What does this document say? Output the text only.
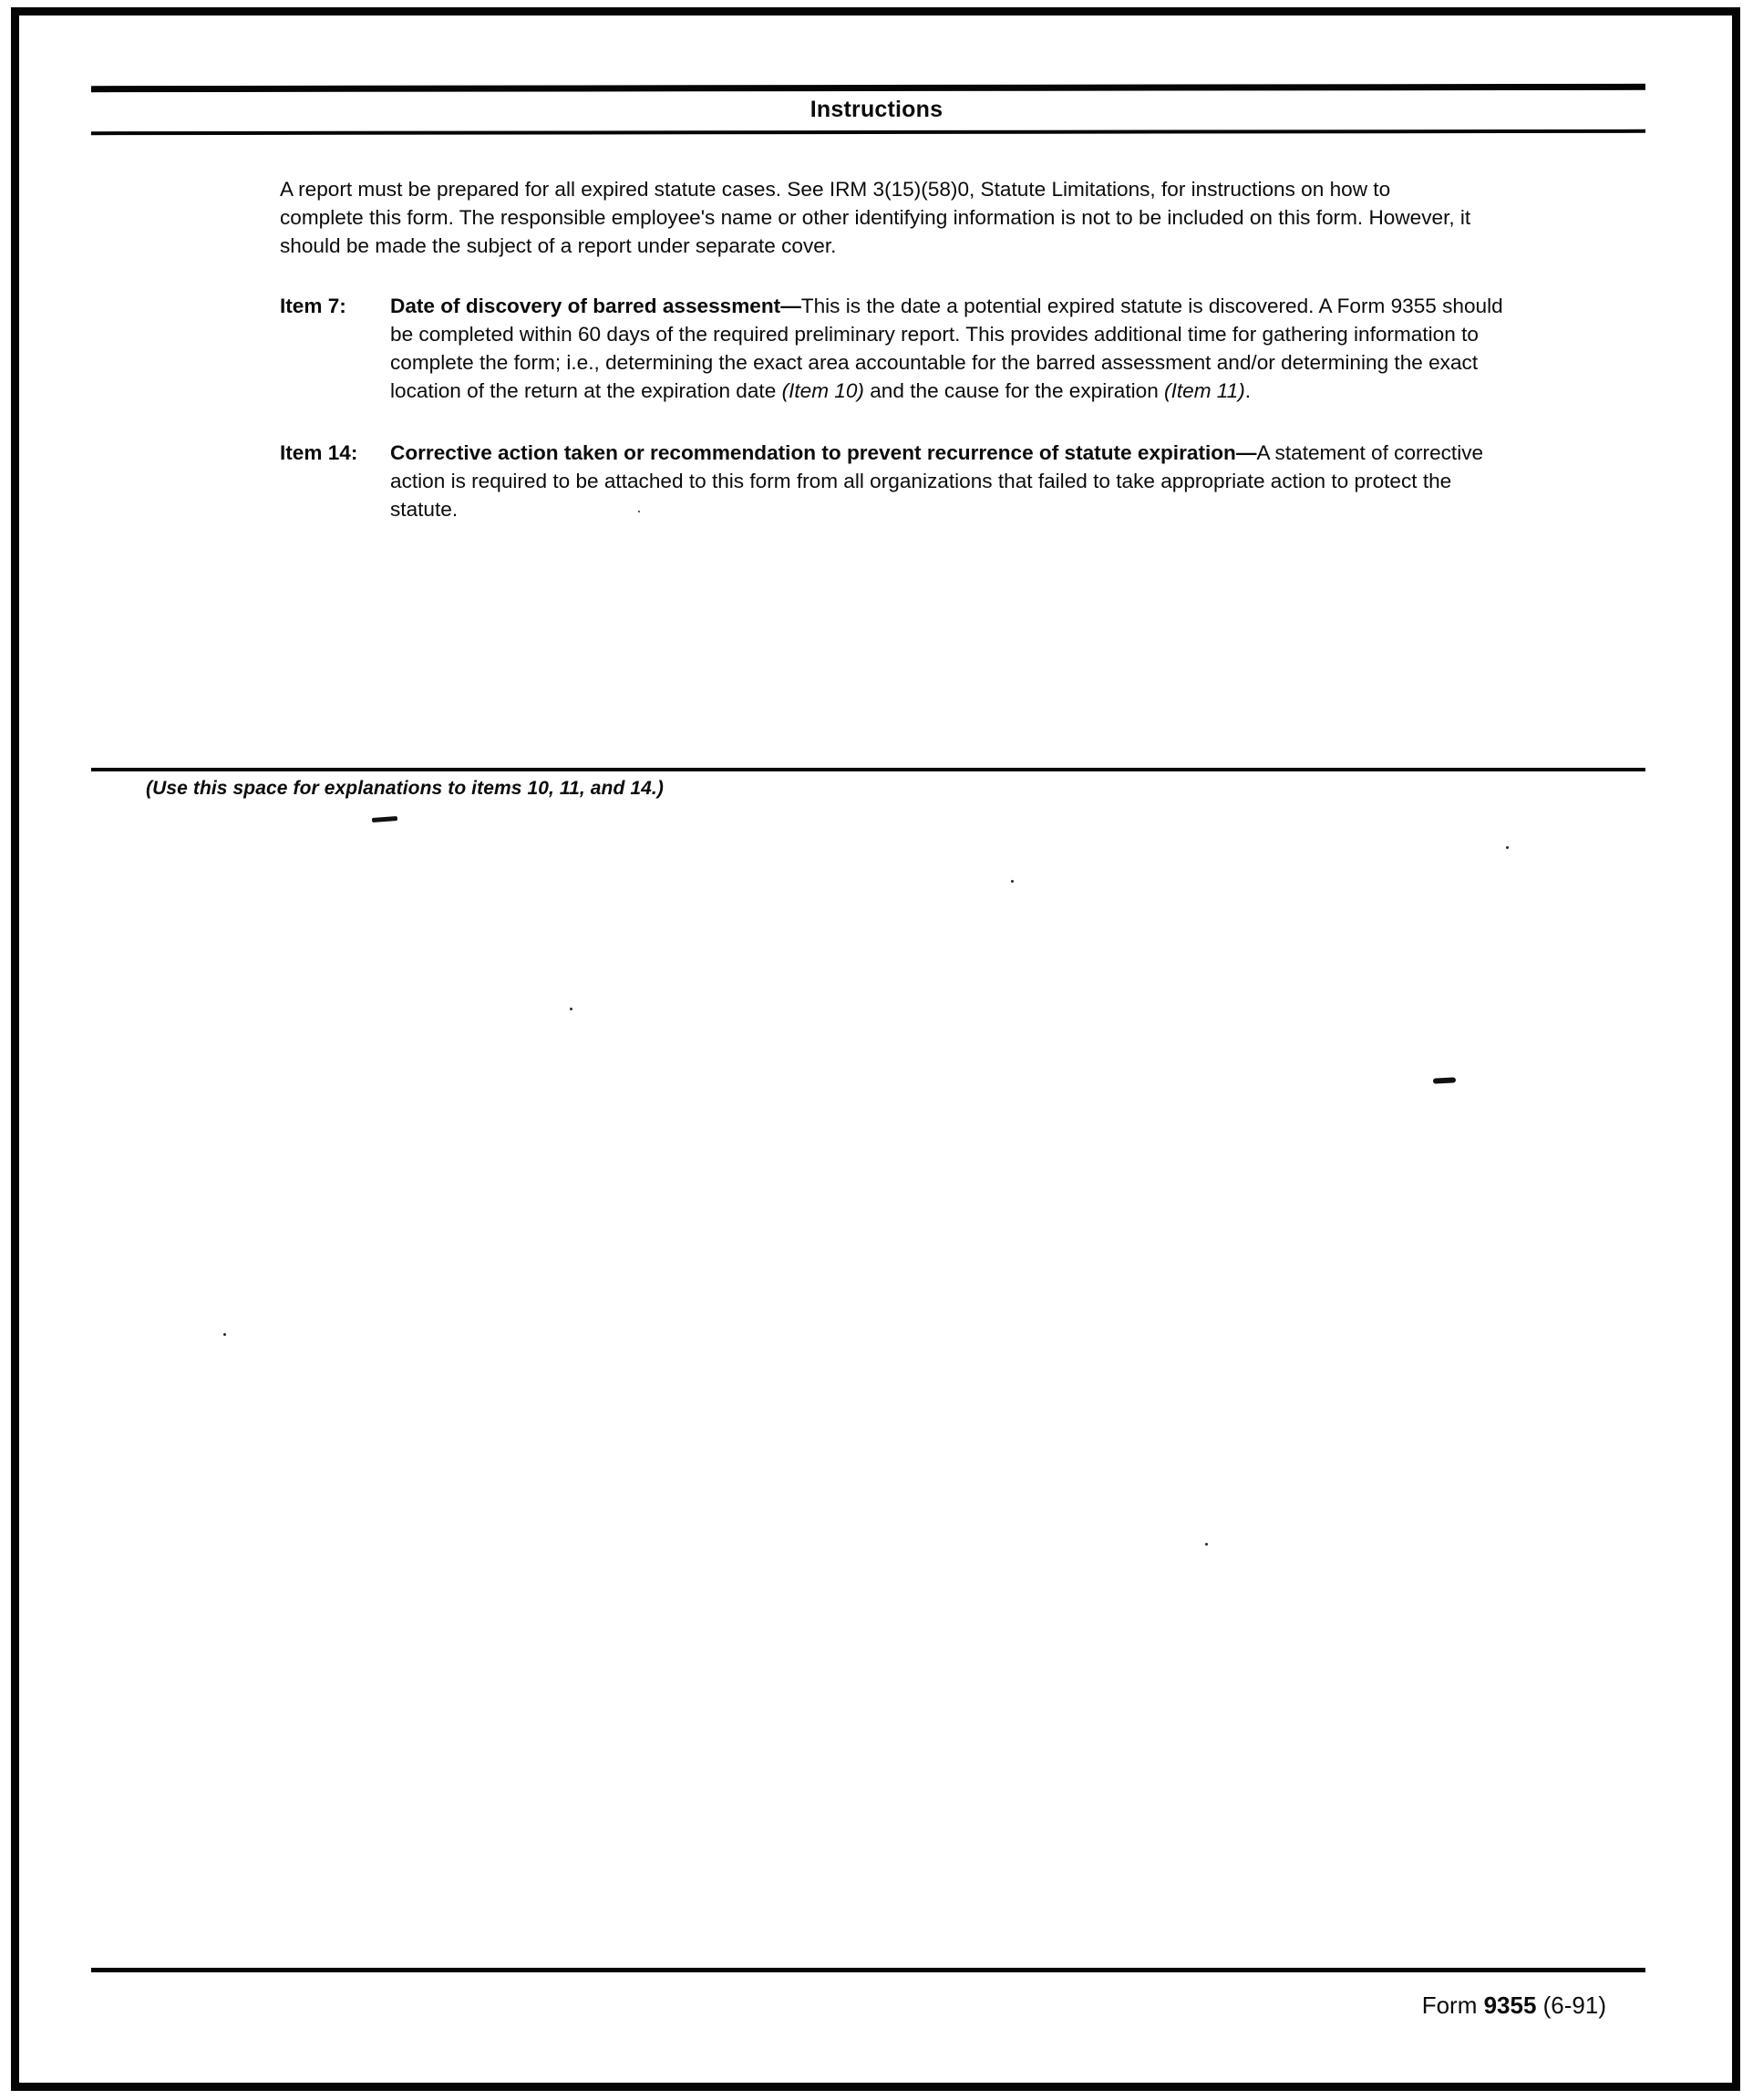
Instructions

A report must be prepared for all expired statute cases. See IRM 3(15)(58)0, Statute Limitations, for instructions on how to complete this form. The responsible employee's name or other identifying information is not to be included on this form. However, it should be made the subject of a report under separate cover.

Item 7:	Date of discovery of barred assessment—This is the date a potential expired statute is discovered. A Form 9355 should be completed within 60 days of the required preliminary report. This provides additional time for gathering information to complete the form; i.e., determining the exact area accountable for the barred assessment and/or determining the exact location of the return at the expiration date (Item 10) and the cause for the expiration (Item 11).
Item 14:	Corrective action taken or recommendation to prevent recurrence of statute expiration—A statement of corrective action is required to be attached to this form from all organizations that failed to take appropriate action to protect the statute.
(Use this space for explanations to items 10, 11, and 14.)
Form 9355 (6-91)
